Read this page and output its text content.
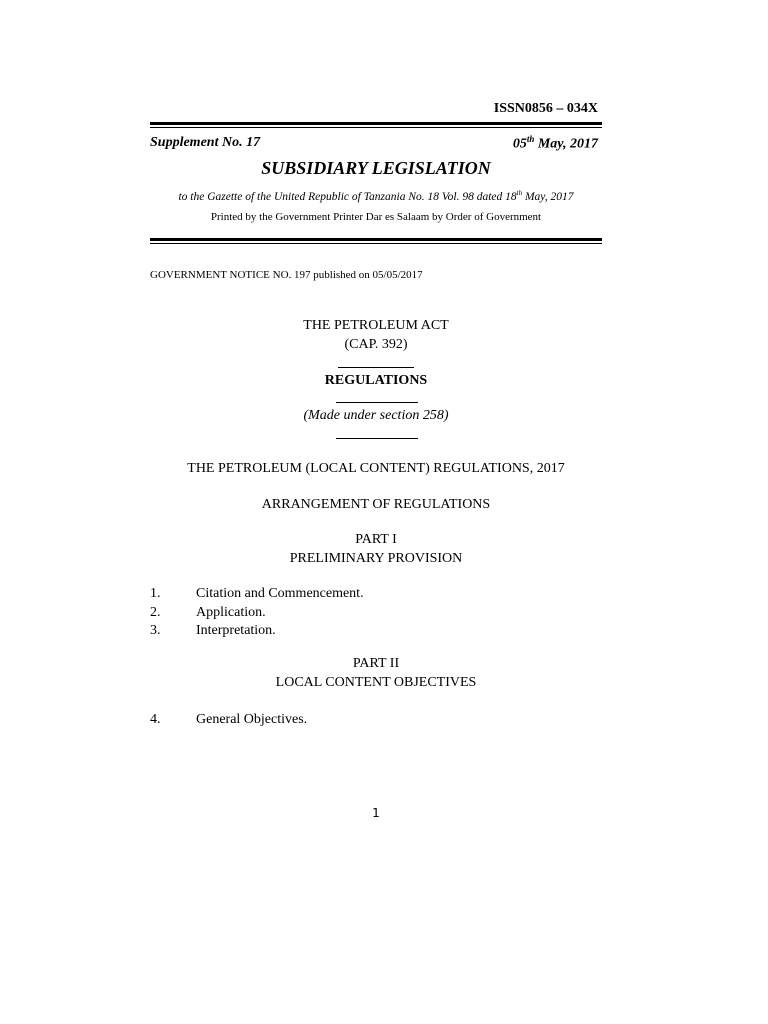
ISSN0856 – 034X
Supplement No. 17	05th May, 2017
SUBSIDIARY LEGISLATION
to the Gazette of the United Republic of Tanzania No. 18 Vol. 98 dated 18th May, 2017
Printed by the Government Printer Dar es Salaam by Order of Government
GOVERNMENT NOTICE NO. 197 published on 05/05/2017
THE PETROLEUM ACT
(CAP. 392)
REGULATIONS
(Made under section 258)
THE PETROLEUM (LOCAL CONTENT) REGULATIONS, 2017
ARRANGEMENT OF REGULATIONS
PART I
PRELIMINARY PROVISION
1.	Citation and Commencement.
2.	Application.
3.	Interpretation.
PART II
LOCAL CONTENT OBJECTIVES
4.	General Objectives.
1
